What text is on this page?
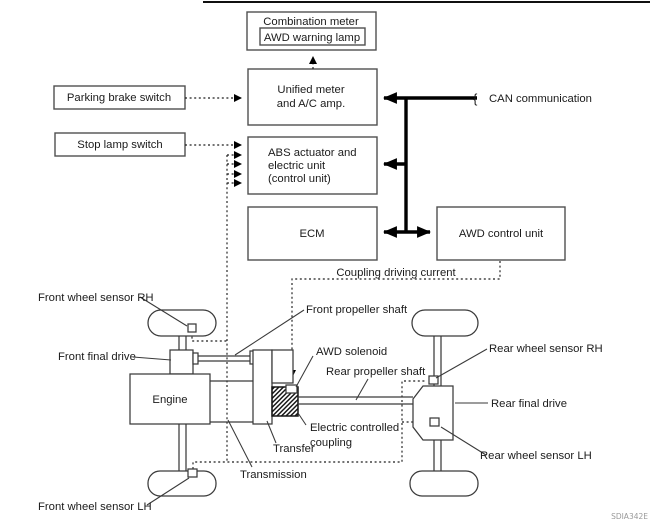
Combination meter
AWD warning lamp
Unified meter
and A/C amp.
Parking brake switch
Stop lamp switch
ABS actuator and
electric unit
(control unit)
ECM	AWD control unit
Coupling driving current
{ CAN communication
Front wheel sensor RH
Front final drive
Front propeller shaft
AWD solenoid
Rear propeller shaft
Rear wheel sensor RH
Rear final drive
Rear wheel sensor LH
Electric controlled
coupling
Transfer
Transmission
Front wheel sensor LH
Engine
SDIA342E
